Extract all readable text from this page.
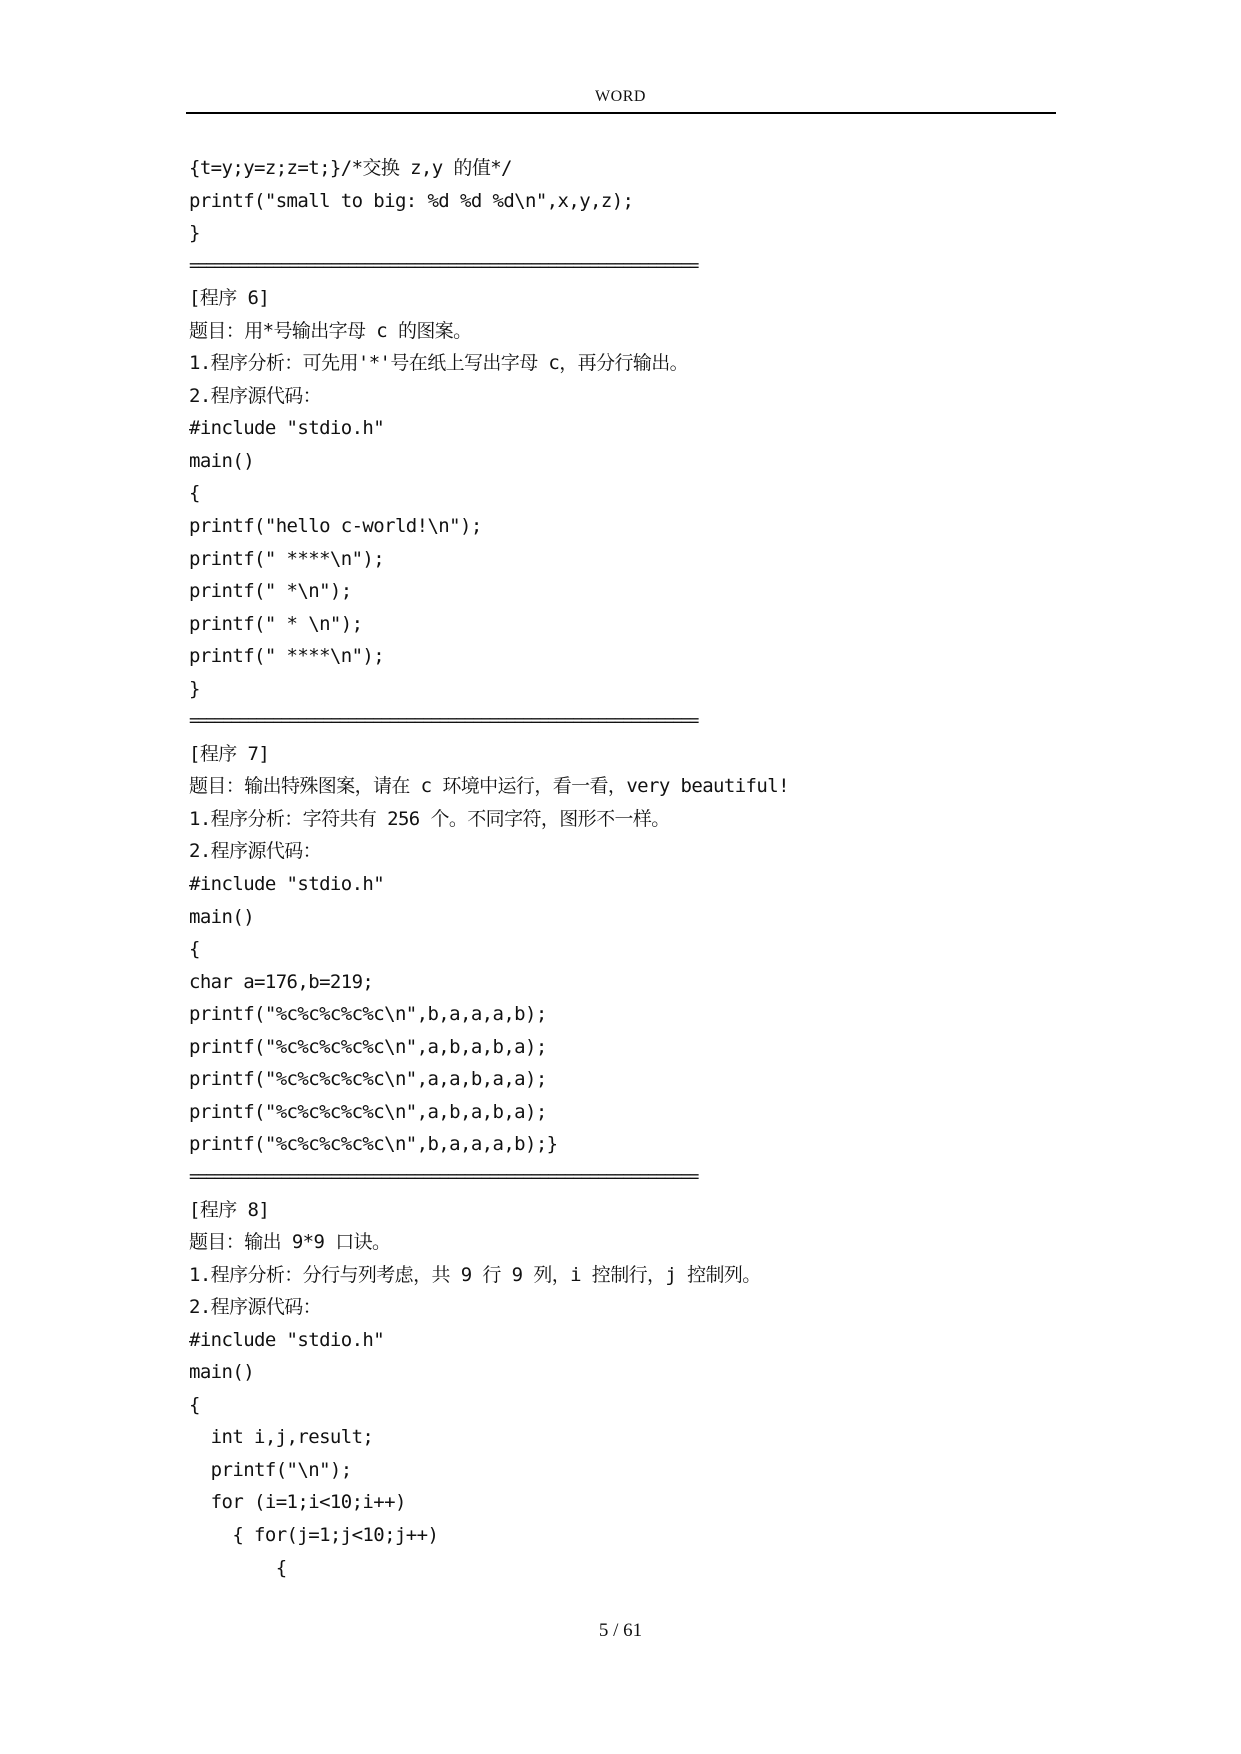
WORD
{t=y;y=z;z=t;}/*交换 z,y 的值*/
printf("small to big: %d %d %d\n",x,y,z);
}
=============================================================
[程序 6]
题目：用*号输出字母 c 的图案。
1.程序分析：可先用'*'号在纸上写出字母 c，再分行输出。
2.程序源代码：
#include "stdio.h"
main()
{
printf("hello c-world!\n");
printf(" ****\n");
printf(" *\n");
printf(" * \n");
printf(" ****\n");
}
=============================================================
[程序 7]
题目：输出特殊图案，请在 c 环境中运行，看一看，very beautiful!
1.程序分析：字符共有 256 个。不同字符，图形不一样。
2.程序源代码：
#include "stdio.h"
main()
{
char a=176,b=219;
printf("%c%c%c%c%c\n",b,a,a,a,b);
printf("%c%c%c%c%c\n",a,b,a,b,a);
printf("%c%c%c%c%c\n",a,a,b,a,a);
printf("%c%c%c%c%c\n",a,b,a,b,a);
printf("%c%c%c%c%c\n",b,a,a,a,b);}
=============================================================
[程序 8]
题目：输出 9*9 口诀。
1.程序分析：分行与列考虑，共 9 行 9 列，i 控制行，j 控制列。
2.程序源代码：
#include "stdio.h"
main()
{
int i,j,result;
printf("\n");
for (i=1;i<10;i++)
{ for(j=1;j<10;j++)
{
5 / 61
